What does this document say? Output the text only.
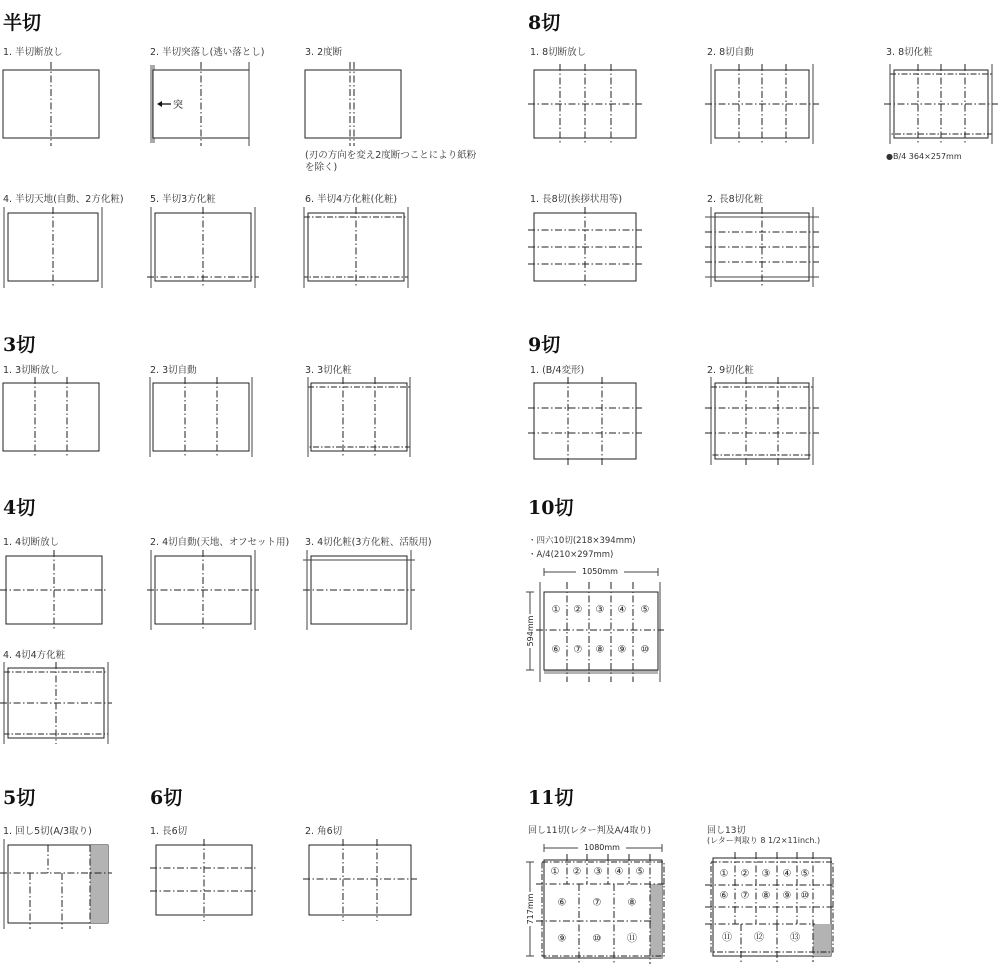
半切
1. 半切断放し	2. 半切突落し(逃い落とし)	3. 2度断
(刃の方向を変え2度断つことにより紙粉を除く)
突
4. 半切天地(自動、2方化粧)	5. 半切3方化粧	6. 半切4方化粧(化粧)
8切
1. 8切断放し	2. 8切自動	3. 8切化粧
●B/4 364×257mm
1. 長8切(挨拶状用等)	2. 長8切化粧
3切
1. 3切断放し	2. 3切自動	3. 3切化粧
9切
1. (B/4変形)	2. 9切化粧
4切
1. 4切断放し	2. 4切自動(天地、オフセット用) 3. 4切化粧(3方化粧、活版用)
4. 4切4方化粧
10切
・四六10切(218×394mm)
・A/4(210×297mm)
1050mm
594mm
① ② ③ ④ ⑤
⑥ ⑦ ⑧ ⑨ ⑩
5切	6切
1. 回し5切(A/3取り)	1. 長6切	2. 角6切
11切
回し11切(レター判及A/4取り)	回し13切
(レター判取り 8 1/2×11inch.)
1080mm
717mm
① ② ③ ④ ⑤
⑥	⑦	⑧
⑨	⑩	⑪
① ② ③ ④ ⑤
⑥ ⑦ ⑧ ⑨ ⑩
⑪ ⑫	⑬
